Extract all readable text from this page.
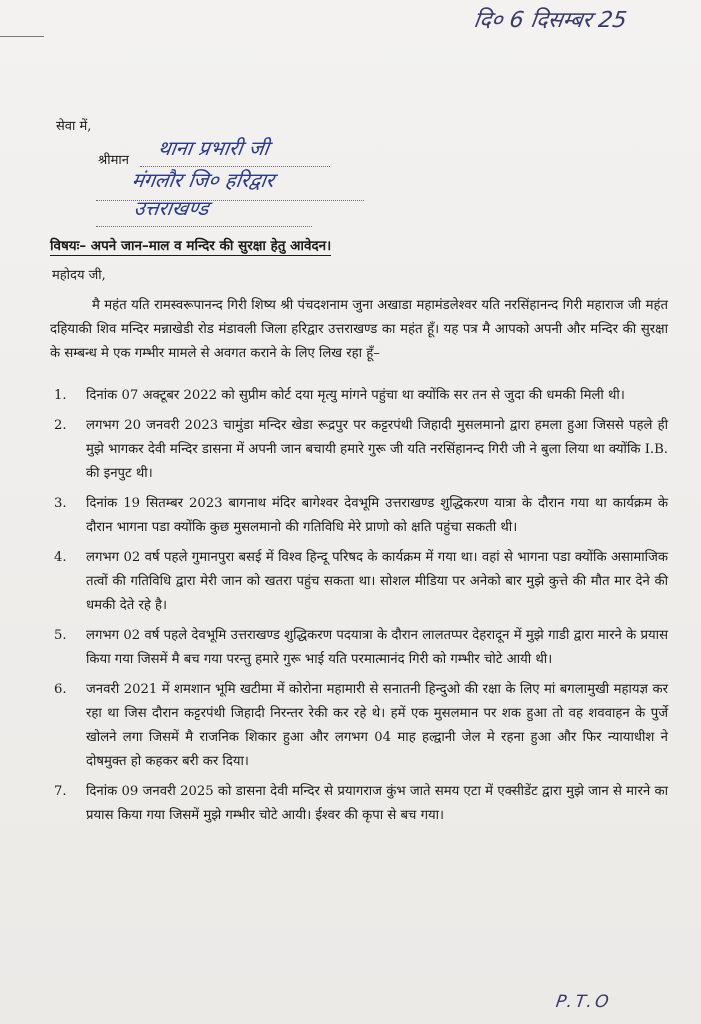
दि० 6 दिसम्बर 25
सेवा में,
श्रीमान
थाना प्रभारी जी
मंगलौर जि० हरिद्वार
उत्तराखण्ड
विषयः– अपने जान–माल व मन्दिर की सुरक्षा हेतु आवेदन।
महोदय जी,
मै महंत यति रामस्वरूपानन्द गिरी शिष्य श्री पंचदशनाम जुना अखाडा महामंडलेश्वर यति नरसिंहानन्द गिरी महाराज जी महंत दहियाकी शिव मन्दिर मन्नाखेडी रोड मंडावली जिला हरिद्वार उत्तराखण्ड का महंत हूँ। यह पत्र मै आपको अपनी और मन्दिर की सुरक्षा के सम्बन्ध मे एक गम्भीर मामले से अवगत कराने के लिए लिख रहा हूँ–
1.	दिनांक 07 अक्टूबर 2022 को सुप्रीम कोर्ट दया मृत्यु मांगने पहुंचा था क्योंकि सर तन से जुदा की धमकी मिली थी।
2.	लगभग 20 जनवरी 2023 चामुंडा मन्दिर खेडा रूद्रपुर पर कट्टरपंथी जिहादी मुसलमानो द्वारा हमला हुआ जिससे पहले ही मुझे भागकर देवी मन्दिर डासना में अपनी जान बचायी हमारे गुरू जी यति नरसिंहानन्द गिरी जी ने बुला लिया था क्योंकि I.B. की इनपुट थी।
3.	दिनांक 19 सितम्बर 2023 बागनाथ मंदिर बागेश्वर देवभूमि उत्तराखण्ड शुद्धिकरण यात्रा के दौरान गया था कार्यक्रम के दौरान भागना पडा क्योंकि कुछ मुसलमानो की गतिविधि मेरे प्राणो को क्षति पहुंचा सकती थी।
4.	लगभग 02 वर्ष पहले गुमानपुरा बसई में विश्व हिन्दू परिषद के कार्यक्रम में गया था। वहां से भागना पडा क्योंकि असामाजिक तत्वों की गतिविधि द्वारा मेरी जान को खतरा पहुंच सकता था। सोशल मीडिया पर अनेको बार मुझे कुत्ते की मौत मार देने की धमकी देते रहे है।
5.	लगभग 02 वर्ष पहले देवभूमि उत्तराखण्ड शुद्धिकरण पदयात्रा के दौरान लालतप्पर देहरादून में मुझे गाडी द्वारा मारने के प्रयास किया गया जिसमें मै बच गया परन्तु हमारे गुरू भाई यति परमात्मानंद गिरी को गम्भीर चोटे आयी थी।
6.	जनवरी 2021 में शमशान भूमि खटीमा में कोरोना महामारी से सनातनी हिन्दुओ की रक्षा के लिए मां बगलामुखी महायज्ञ कर रहा था जिस दौरान कट्टरपंथी जिहादी निरन्तर रेकी कर रहे थे। हमें एक मुसलमान पर शक हुआ तो वह शववाहन के पुर्जे खोलने लगा जिसमें मै राजनिक शिकार हुआ और लगभग 04 माह हल्द्वानी जेल मे रहना हुआ और फिर न्यायाधीश ने दोषमुक्त हो कहकर बरी कर दिया।
7.	दिनांक 09 जनवरी 2025 को डासना देवी मन्दिर से प्रयागराज कुंभ जाते समय एटा में एक्सीडेंट द्वारा मुझे जान से मारने का प्रयास किया गया जिसमें मुझे गम्भीर चोटे आयी। ईश्वर की कृपा से बच गया।
P.T.O
